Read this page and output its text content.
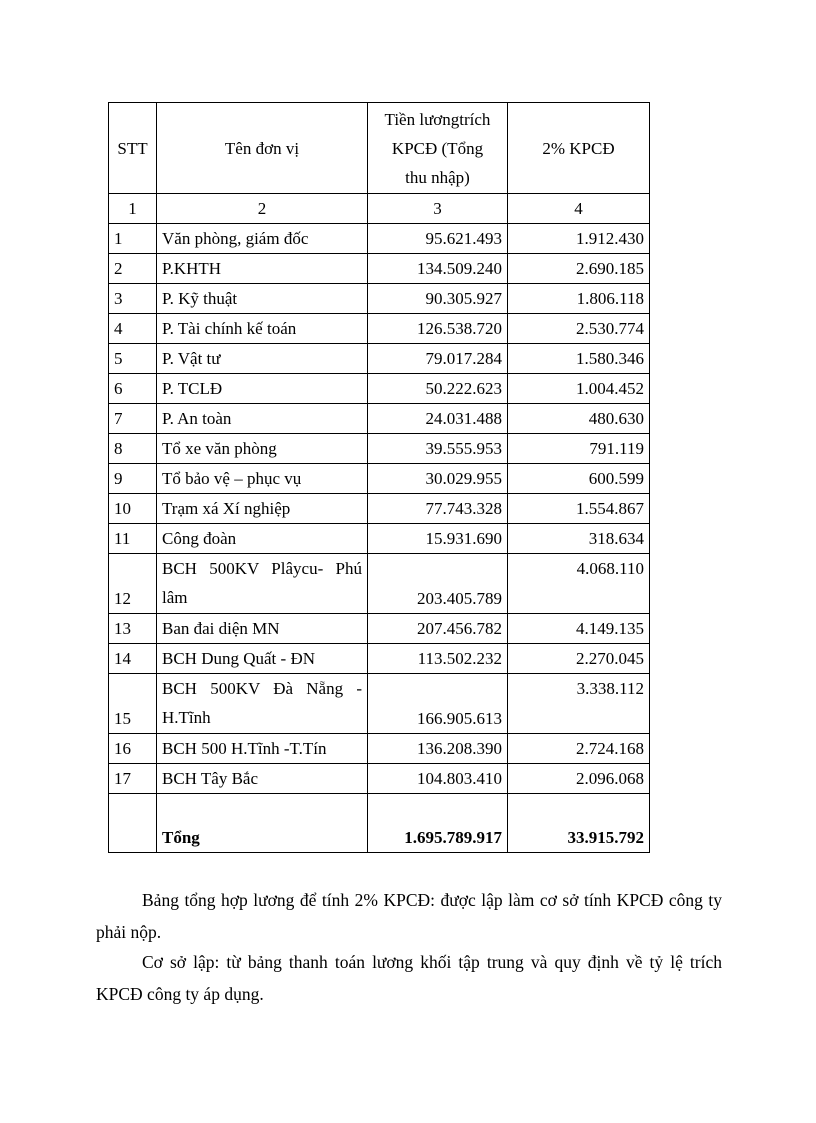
STT	Tên đơn vị	Tiền lươngtrích
KPCĐ (Tổng
thu nhập)	2% KPCĐ
1	2	3	4
1	Văn phòng, giám đốc	95.621.493	1.912.430
2	P.KHTH	134.509.240	2.690.185
3	P. Kỹ thuật	90.305.927	1.806.118
4	P. Tài chính kế toán	126.538.720	2.530.774
5	P. Vật tư	79.017.284	1.580.346
6	P. TCLĐ	50.222.623	1.004.452
7	P. An toàn	24.031.488	480.630
8	Tổ xe văn phòng	39.555.953	791.119
9	Tổ bảo vệ – phục vụ	30.029.955	600.599
10	Trạm xá Xí nghiệp	77.743.328	1.554.867
11	Công đoàn	15.931.690	318.634
12	BCH 500KV Plâycu- Phú
lâm	203.405.789	4.068.110
13	Ban đai diện MN	207.456.782	4.149.135
14	BCH Dung Quất - ĐN	113.502.232	2.270.045
15	BCH 500KV Đà Nẵng -
H.Tĩnh	166.905.613	3.338.112
16	BCH 500 H.Tĩnh -T.Tín	136.208.390	2.724.168
17	BCH Tây Bắc	104.803.410	2.096.068
	Tổng	1.695.789.917	33.915.792

Bảng tổng hợp lương để tính 2% KPCĐ: được lập làm cơ sở tính KPCĐ công ty phải nộp.

Cơ sở lập: từ bảng thanh toán lương khối tập trung và quy định về tỷ lệ trích KPCĐ công ty áp dụng.
